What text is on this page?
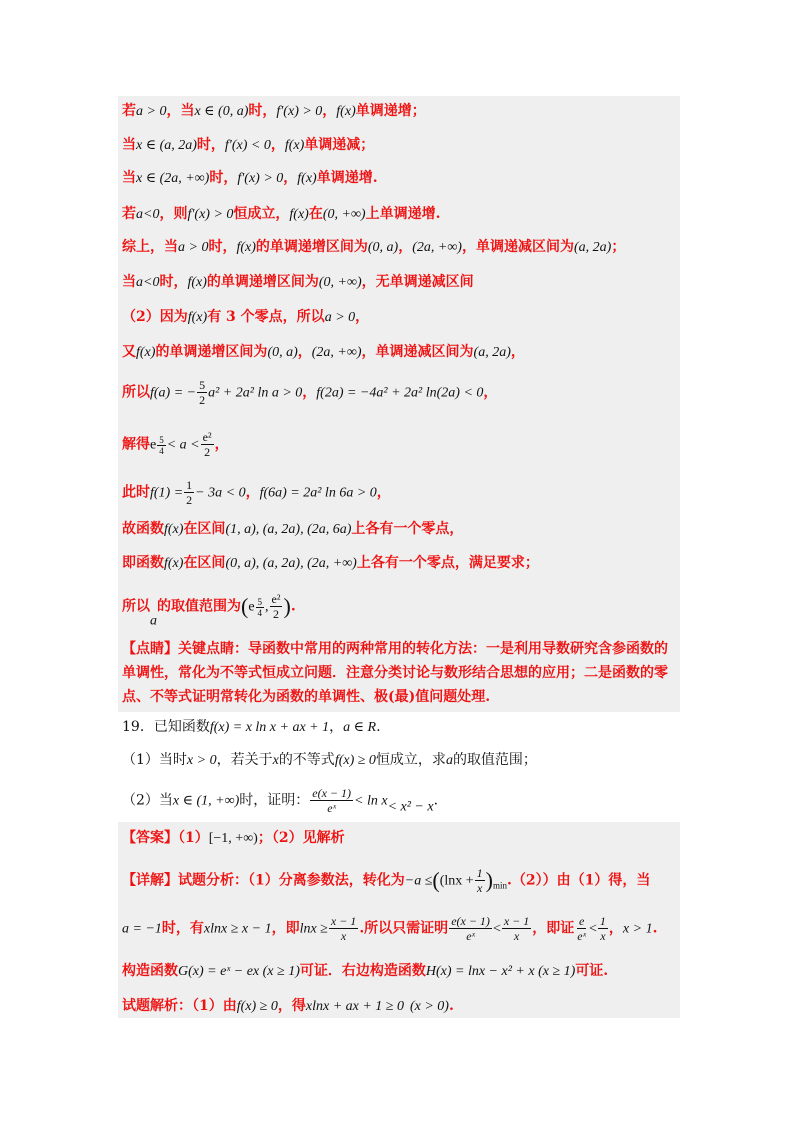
若a > 0，当x ∈ (0, a)时，f′(x) > 0，f(x)单调递增；
当x ∈ (a, 2a)时，f′(x) < 0，f(x)单调递减；
当x ∈ (2a, +∞)时，f′(x) > 0，f(x)单调递增.
若a<0，则f′(x) > 0恒成立，f(x)在(0, +∞)上单调递增.
综上，当a > 0时，f(x)的单调递增区间为(0, a)，(2a, +∞)，单调递减区间为(a, 2a)；
当a<0时，f(x)的单调递增区间为(0, +∞)，无单调递减区间
（2）因为f(x)有 3 个零点，所以a > 0，
又f(x)的单调递增区间为(0, a)，(2a, +∞)，单调递减区间为(a, 2a)，
所以f(a) = − $\frac{5}{2} a^2 + 2a^2$ ln a > 0，f(2a) = −4a² + 2a² ln(2a) < 0，
解得e $\frac{5}{4} < a < \frac{\text{e²}}{2}$ ，
此时$f(1) = \frac{1}{2} - 3a < 0$，f(6a) = 2a² ln 6a > 0，
故函数f(x)在区间(1, a), (a, 2a), (2a, 6a)上各有一个零点，
即函数f(x)在区间(0, a), (a, 2a), (2a, +∞)上各有一个零点，满足要求；
所以a的取值范围为($e \frac{5}{4}$ , $\frac{\text{e²}}{2}$ ).
【点睛】关键点睛：导函数中常用的两种常用的转化方法：一是利用导数研究含参函数的
单调性，常化为不等式恒成立问题．注意分类讨论与数形结合思想的应用；二是函数的零
点、不等式证明常转化为函数的单调性、极(最)值问题处理.
19．已知函数f(x) = x ln x + ax + 1，a ∈ R.
（1）当时x > 0，若关于x的不等式f(x) ≥ 0恒成立，求a的取值范围；
（2）当x ∈ (1, +∞)时，证明： $\frac{e(x - 1)}{\text{eˣ}} < \ln x< x^2 - x$.
【答案】（1）[−1, +∞)；（2）见解析
【详解】试题分析：（1）分离参数法，转化为$-a \le((\ln x + \frac{1}{x} )_{min}.(2))$由（1）得，当
a = −1时，有xlnx ≥ x − 1，即$\ln x \ge \frac{x - 1}{x}$ .所以只需证明 $\frac{e(x - 1)}{\text{eˣ}} < \frac{x - 1}{x}$ ，即证 $\frac{e}{\text{eˣ}} < \frac{1}{x}$ ，x > 1.
构造函数G(x) = eˣ − ex (x ≥ 1)可证．右边构造函数H(x) = lnx − x² + x (x ≥ 1)可证.
试题解析：（1）由f(x) ≥ 0，得xlnx + ax + 1 ≥ 0 (x > 0).
